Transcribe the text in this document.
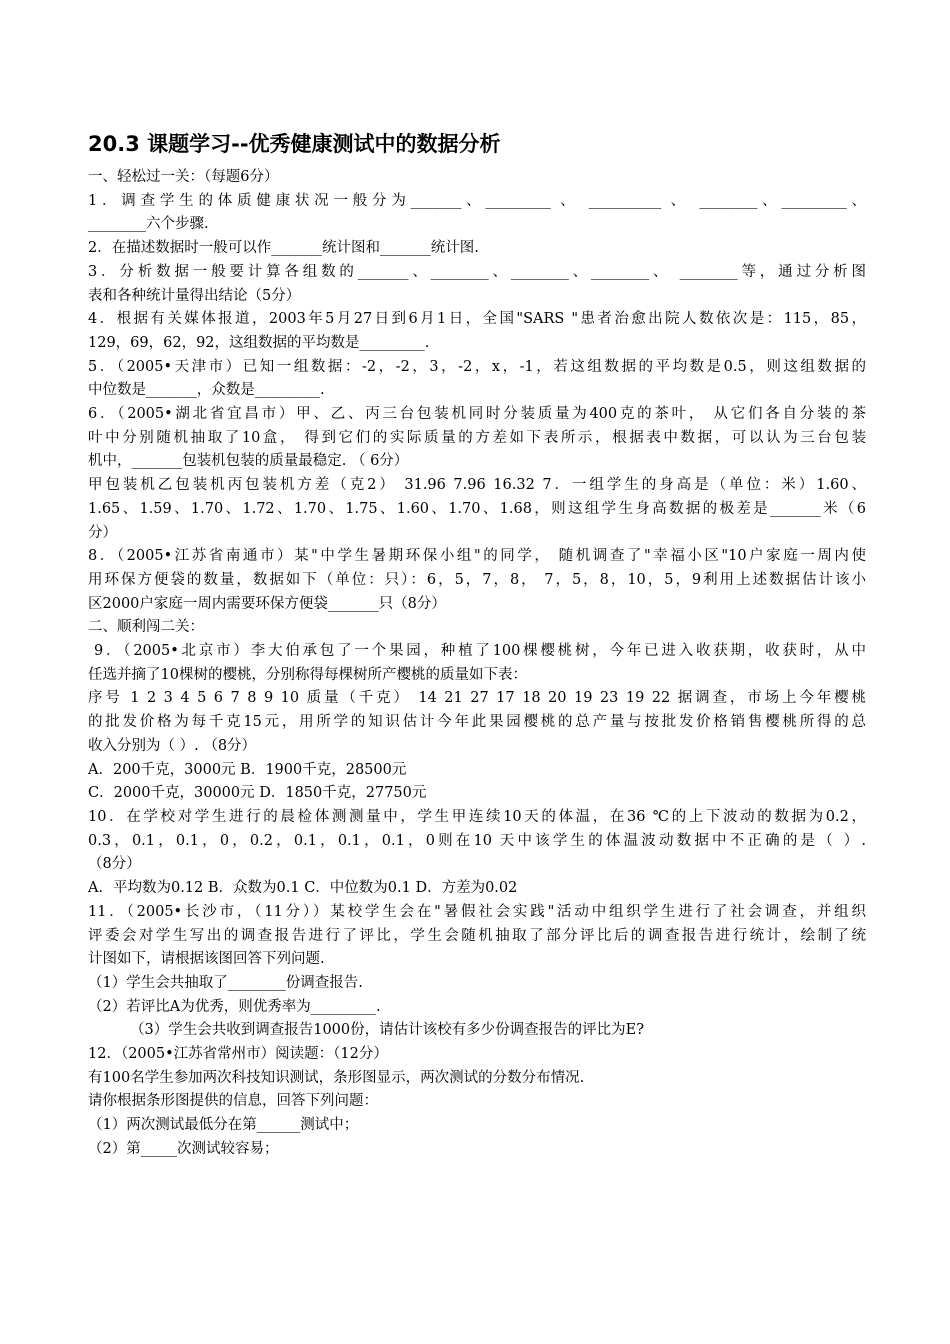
20.3 课题学习--优秀健康测试中的数据分析
一、轻松过一关：（每题6分）
1．调查学生的体质健康状况一般分为_______、_________ 、 __________ 、 ________、_________、
________六个步骤.
2．在描述数据时一般可以作_______统计图和_______统计图.
3．分析数据一般要计算各组数的_______、________、________、________、 ________等，通过分析图
表和各种统计量得出结论（5分）
4．根据有关媒体报道，2003年5月27日到6月1日，全国"SARS "患者治愈出院人数依次是：115，85，
129，69，62，92，这组数据的平均数是_________.
5．（2005•天津市）已知一组数据：-2，-2，3，-2，x，-1，若这组数据的平均数是0.5，则这组数据的
中位数是_______，众数是_________.
6．（2005•湖北省宜昌市）甲、乙、丙三台包装机同时分装质量为400克的茶叶， 从它们各自分装的茶
叶中分别随机抽取了10盒， 得到它们的实际质量的方差如下表所示，根据表中数据，可以认为三台包装
机中，_______包装机包装的质量最稳定. （ 6分）
甲包装机乙包装机丙包装机方差（克2） 31.96 7.96 16.32 7．一组学生的身高是（单位：米）1.60、
1.65、1.59、1.70、1.72、1.70、1.75、1.60、1.70、1.68，则这组学生身高数据的极差是_______米（6
分）
8．（2005•江苏省南通市）某"中学生暑期环保小组"的同学， 随机调查了"幸福小区"10户家庭一周内使
用环保方便袋的数量，数据如下（单位：只）：6，5，7，8， 7，5，8，10，5，9利用上述数据估计该小
区2000户家庭一周内需要环保方便袋_______只（8分）
二、顺利闯二关：
9．（2005•北京市）李大伯承包了一个果园，种植了100棵樱桃树，今年已进入收获期，收获时，从中
任选并摘了10棵树的樱桃，分别称得每棵树所产樱桃的质量如下表：
序号 1 2 3 4 5 6 7 8 9 10 质量（千克） 14 21 27 17 18 20 19 23 19 22 据调查，市场上今年樱桃
的批发价格为每千克15元，用所学的知识估计今年此果园樱桃的总产量与按批发价格销售樱桃所得的总
收入分别为（ ）. （8分）
A．200千克，3000元 B．1900千克，28500元
C．2000千克，30000元 D．1850千克，27750元
10．在学校对学生进行的晨检体测测量中，学生甲连续10天的体温，在36 ℃的上下波动的数据为0.2，
0.3，0.1，0.1，0，0.2，0.1，0.1，0.1，0则在10 天中该学生的体温波动数据中不正确的是（ ）.
（8分）
A．平均数为0.12 B．众数为0.1 C．中位数为0.1 D．方差为0.02
11．（2005•长沙市，（11分））某校学生会在"暑假社会实践"活动中组织学生进行了社会调查，并组织
评委会对学生写出的调查报告进行了评比，学生会随机抽取了部分评比后的调查报告进行统计，绘制了统
计图如下，请根据该图回答下列问题.
（1）学生会共抽取了________份调查报告.
（2）若评比A为优秀，则优秀率为_________.
（3）学生会共收到调查报告1000份，请估计该校有多少份调查报告的评比为E?
12．（2005•江苏省常州市）阅读题：（12分）
有100名学生参加两次科技知识测试，条形图显示，两次测试的分数分布情况.
请你根据条形图提供的信息，回答下列问题：
（1）两次测试最低分在第______测试中；
（2）第_____次测试较容易；
